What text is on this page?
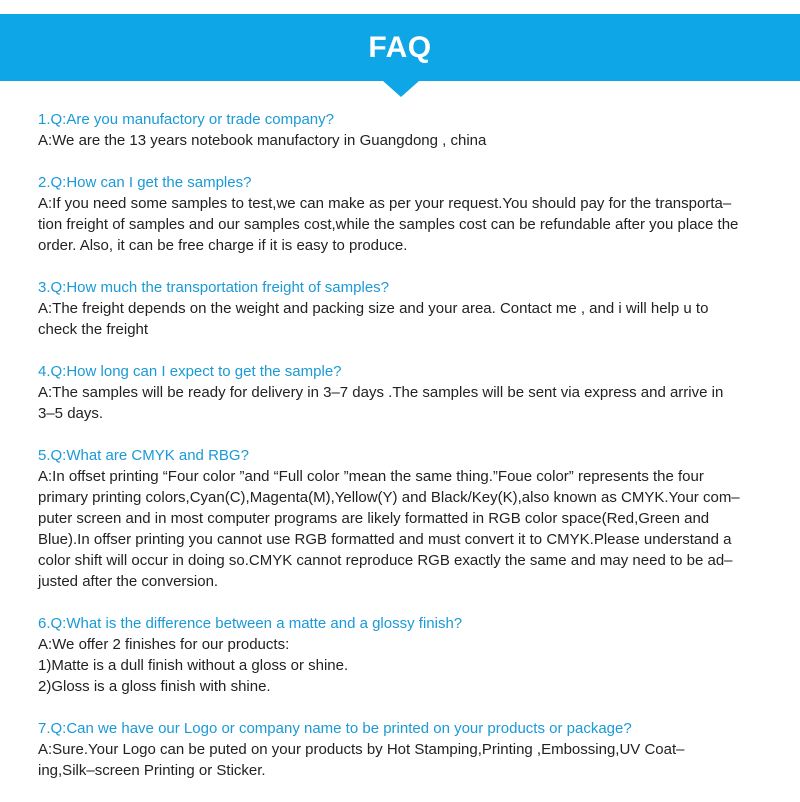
FAQ

1.Q:Are you manufactory or trade company?

A:We are the 13 years notebook manufactory in Guangdong , china

2.Q:How can I get the samples?

A:If you need some samples to test,we can make as per your request.You should pay for the transporta–
tion freight of samples and our samples cost,while the samples cost can be refundable after you place the
order. Also, it can be free charge if it is easy to produce.

3.Q:How much the transportation freight of samples?

A:The freight depends on the weight and packing size and your area. Contact me , and i will help u to
check the freight

4.Q:How long can I expect to get the sample?

A:The samples will be ready for delivery in 3–7 days .The samples will be sent via express and arrive in
3–5 days.

5.Q:What are CMYK and RBG?

A:In offset printing “Four color ”and “Full color ”mean the same thing.”Foue color” represents the four
primary printing colors,Cyan(C),Magenta(M),Yellow(Y) and Black/Key(K),also known as CMYK.Your com–
puter screen and in most computer programs are likely formatted in RGB color space(Red,Green and
Blue).In offser printing you cannot use RGB formatted and must convert it to CMYK.Please understand a
color shift will occur in doing so.CMYK cannot reproduce RGB exactly the same and may need to be ad–
justed after the conversion.

6.Q:What is the difference between a matte and a glossy finish?

A:We offer 2 finishes for our products:
1)Matte is a dull finish without a gloss or shine.
2)Gloss is a gloss finish with shine.

7.Q:Can we have our Logo or company name to be printed on your products or package?

A:Sure.Your Logo can be puted on your products by Hot Stamping,Printing ,Embossing,UV Coat–
ing,Silk–screen Printing or Sticker.
